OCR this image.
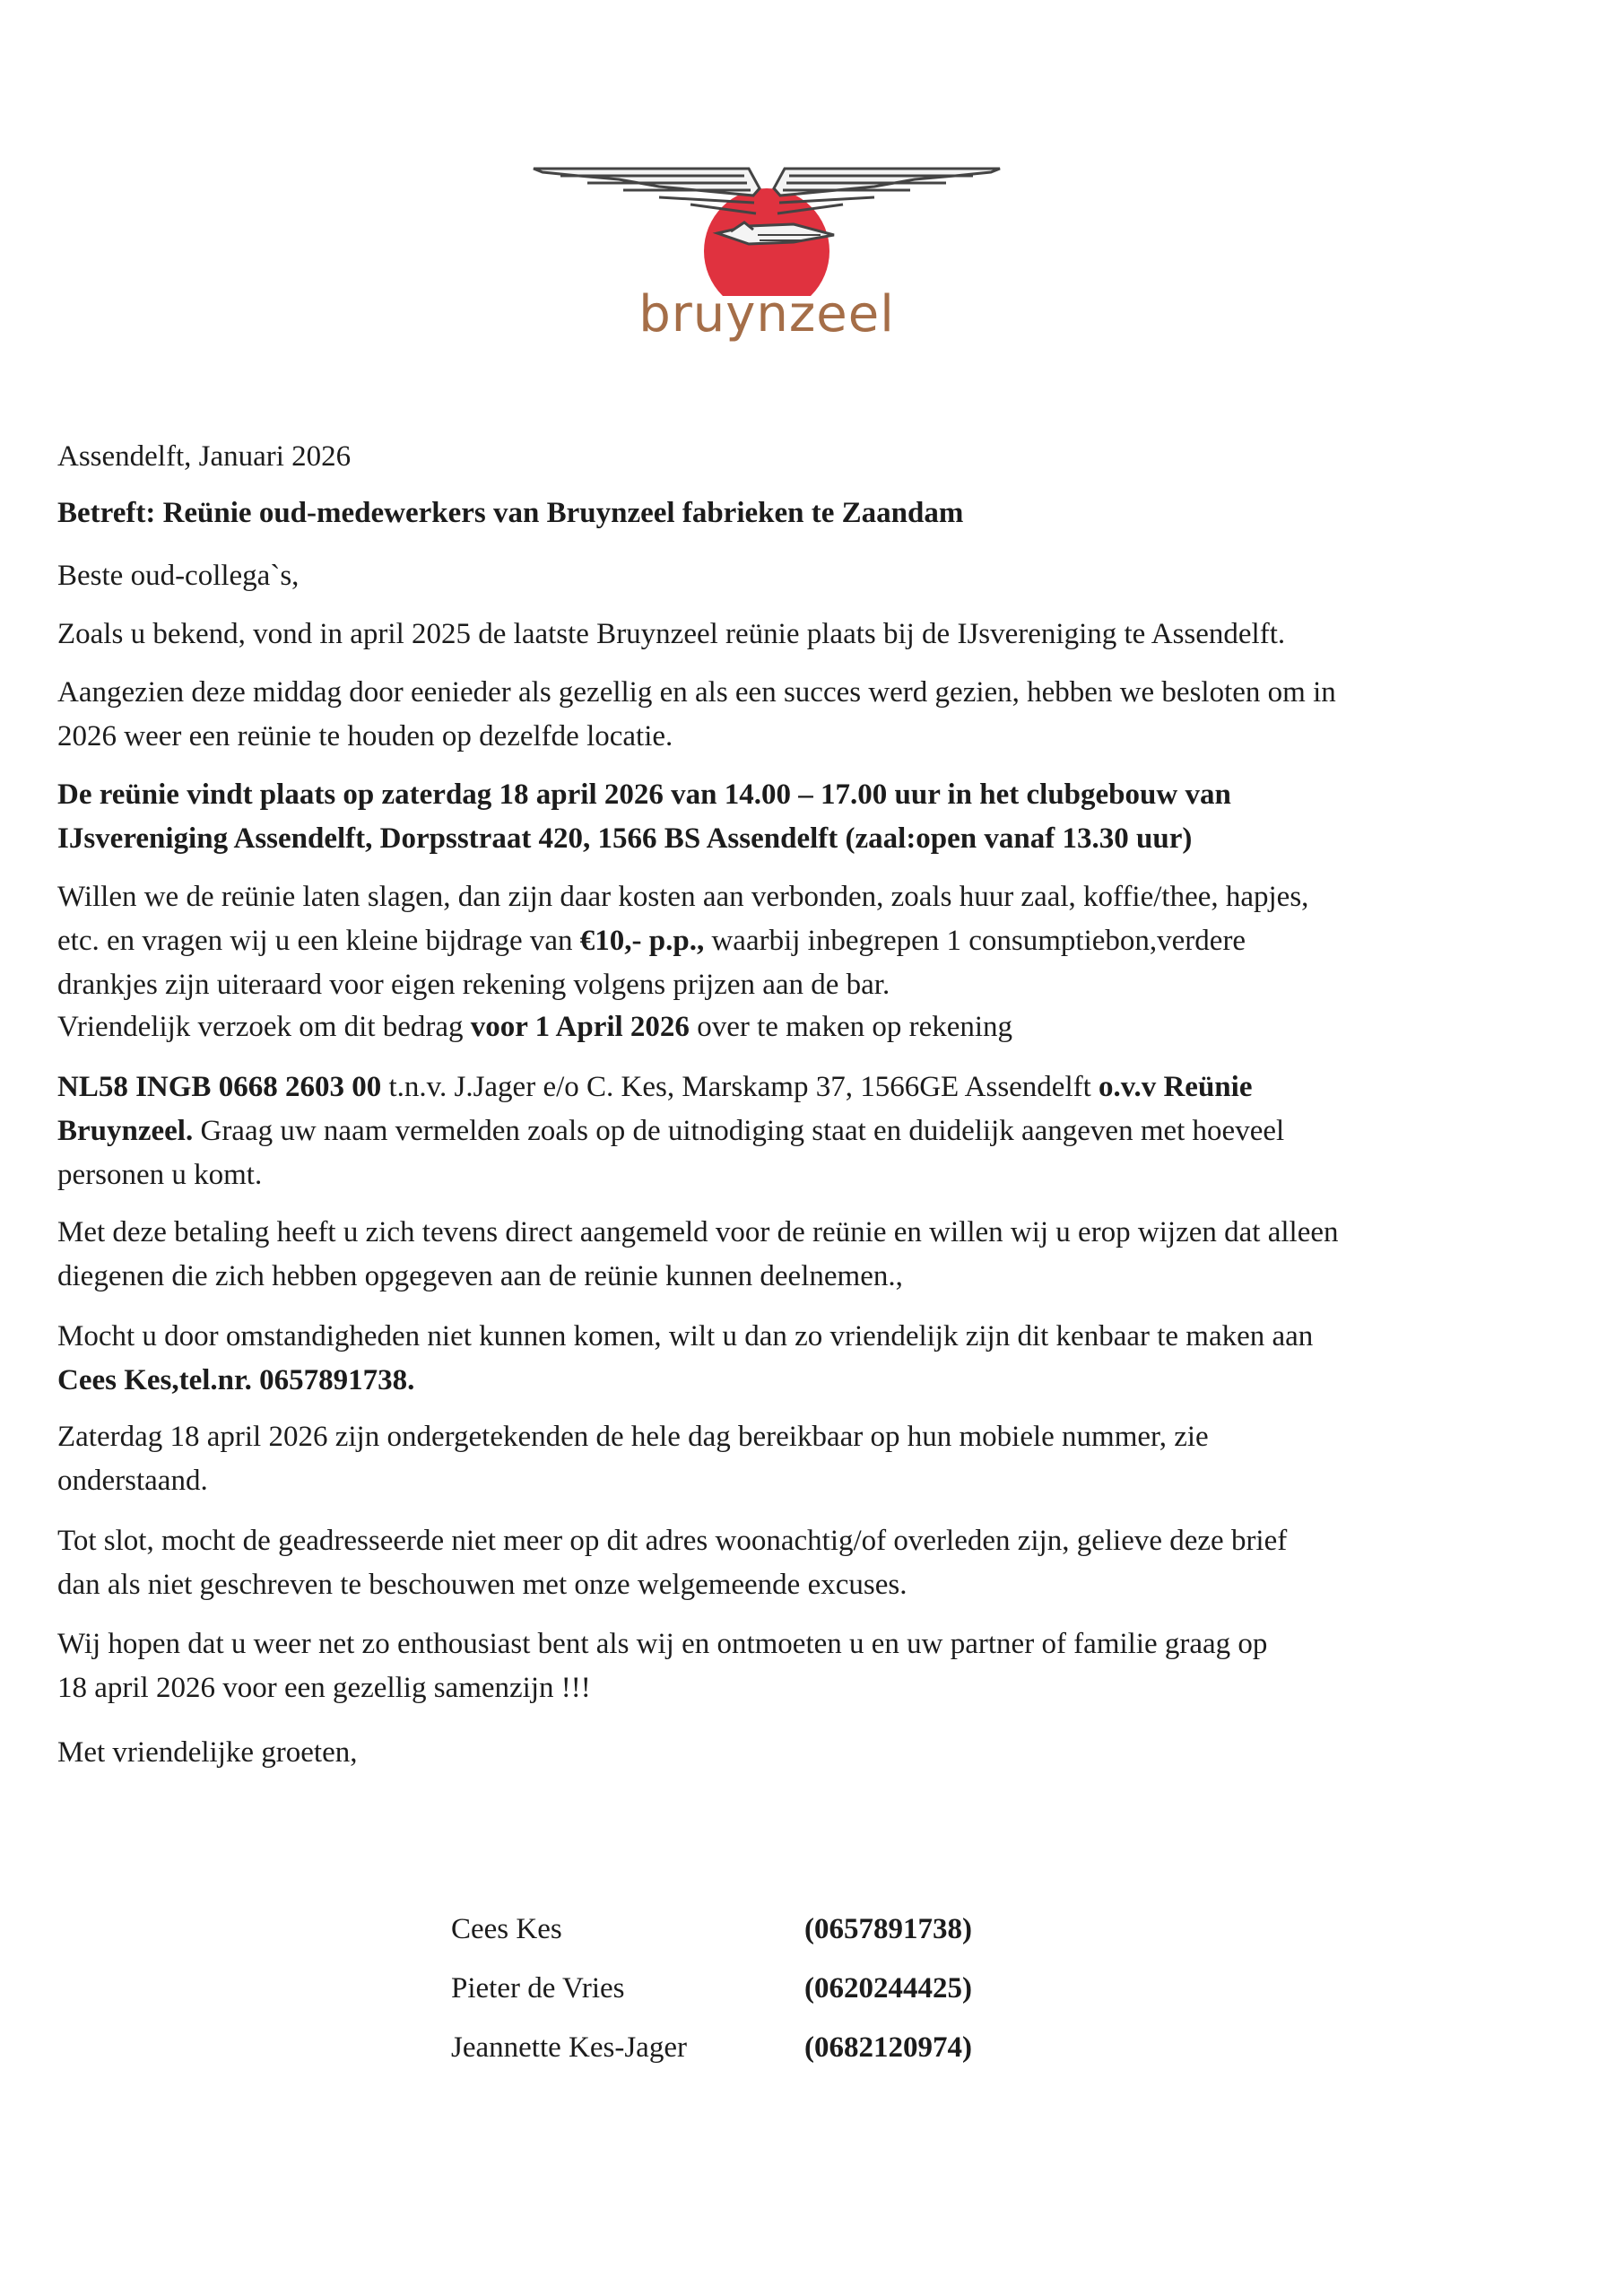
bruynzeel

Assendelft, Januari 2026

Betreft: Reünie oud-medewerkers van Bruynzeel fabrieken te Zaandam

Beste oud-collega`s,

Zoals u bekend, vond in april 2025 de laatste Bruynzeel reünie plaats bij de IJsvereniging te Assendelft.

Aangezien deze middag door eenieder als gezellig en als een succes werd gezien, hebben we besloten om in
2026 weer een reünie te houden op dezelfde locatie.
De reünie vindt plaats op zaterdag 18 april 2026 van 14.00 – 17.00 uur in het clubgebouw van
IJsvereniging Assendelft, Dorpsstraat 420, 1566 BS Assendelft (zaal:open vanaf 13.30 uur)
Willen we de reünie laten slagen, dan zijn daar kosten aan verbonden, zoals huur zaal, koffie/thee, hapjes,
etc. en vragen wij u een kleine bijdrage van €10,- p.p., waarbij inbegrepen 1 consumptiebon,verdere
drankjes zijn uiteraard voor eigen rekening volgens prijzen aan de bar.
Vriendelijk verzoek om dit bedrag voor 1 April 2026 over te maken op rekening
NL58 INGB 0668 2603 00 t.n.v. J.Jager e/o C. Kes, Marskamp 37, 1566GE Assendelft o.v.v Reünie
Bruynzeel. Graag uw naam vermelden zoals op de uitnodiging staat en duidelijk aangeven met hoeveel
personen u komt.
Met deze betaling heeft u zich tevens direct aangemeld voor de reünie en willen wij u erop wijzen dat alleen
diegenen die zich hebben opgegeven aan de reünie kunnen deelnemen.,
Mocht u door omstandigheden niet kunnen komen, wilt u dan zo vriendelijk zijn dit kenbaar te maken aan
Cees Kes,tel.nr. 0657891738.
Zaterdag 18 april 2026 zijn ondergetekenden de hele dag bereikbaar op hun mobiele nummer, zie
onderstaand.
Tot slot, mocht de geadresseerde niet meer op dit adres woonachtig/of overleden zijn, gelieve deze brief
dan als niet geschreven te beschouwen met onze welgemeende excuses.
Wij hopen dat u weer net zo enthousiast bent als wij en ontmoeten u en uw partner of familie graag op
18 april 2026 voor een gezellig samenzijn !!!

Met vriendelijke groeten,

Cees Kes	(0657891738)
Pieter de Vries	(0620244425)
Jeannette Kes-Jager	(0682120974)
